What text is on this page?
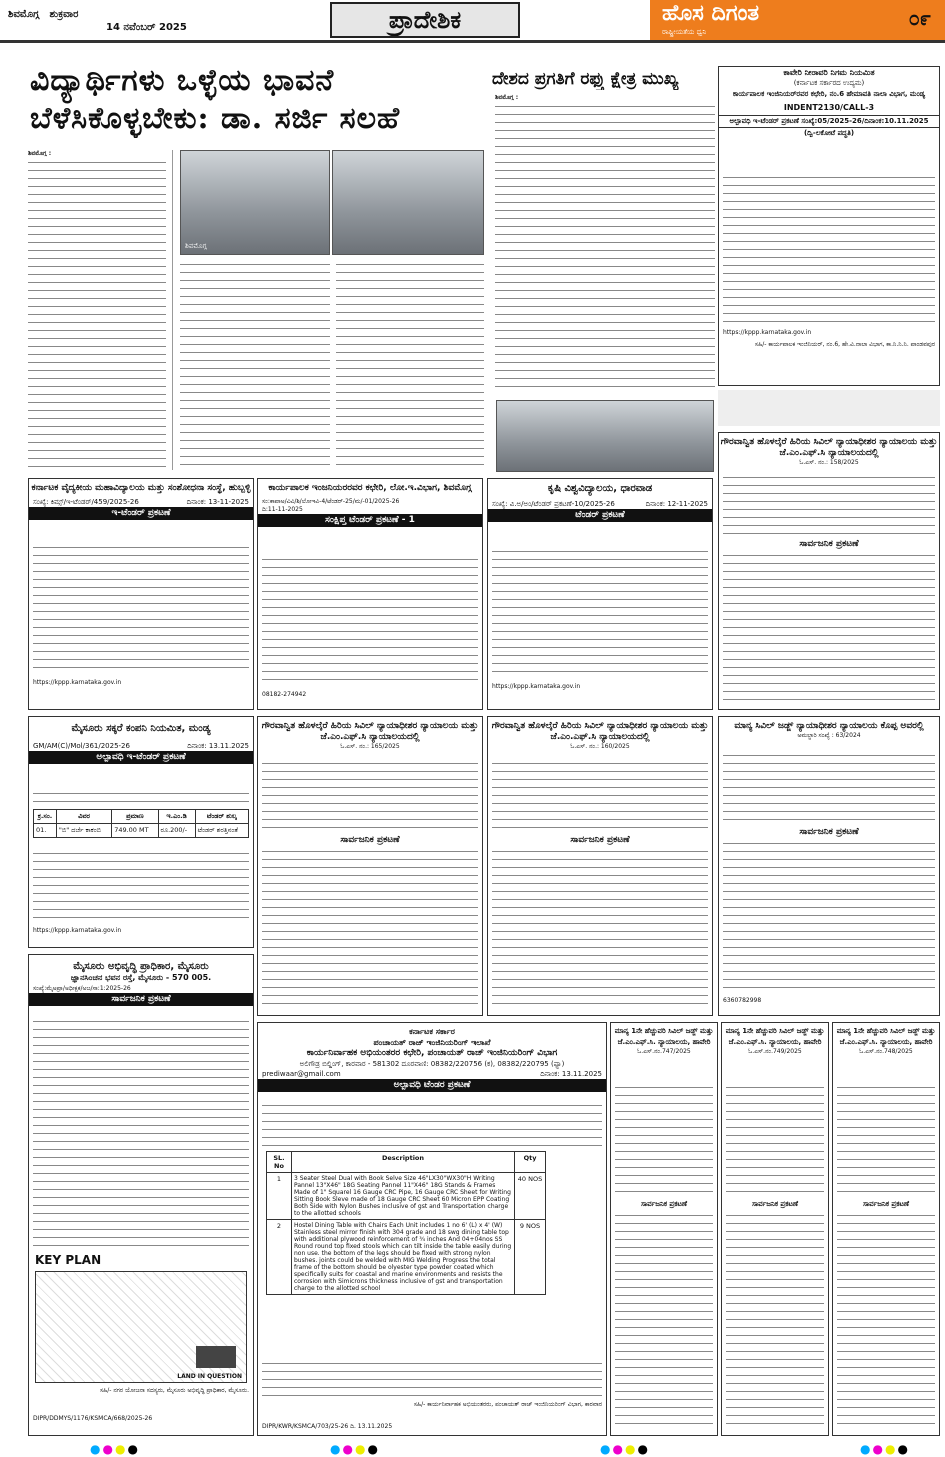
ಶಿವಮೊಗ್ಗ ಶುಕ್ರವಾರ
14 ನವೆಂಬರ್ 2025	ಪ್ರಾದೇಶಿಕ	ಹೊಸ ದಿಗಂತ
ರಾಷ್ಟ್ರೀಯತೆಯ ಧ್ವನಿ
೦೯
ವಿದ್ಯಾರ್ಥಿಗಳು ಒಳ್ಳೆಯ ಭಾವನೆ ಬೆಳೆಸಿಕೊಳ್ಳಬೇಕು: ಡಾ. ಸರ್ಜಿ ಸಲಹೆ
ಶಿವಮೊಗ್ಗ :
ಶಿವಮೊಗ್ಗ
ದೇಶದ ಪ್ರಗತಿಗೆ ರಫ್ತು ಕ್ಷೇತ್ರ ಮುಖ್ಯ
ಶಿವಮೊಗ್ಗ :
ಕಾವೇರಿ ನೀರಾವರಿ ನಿಗಮ ನಿಯಮಿತ
(ಕರ್ನಾಟಕ ಸರ್ಕಾರದ ಉದ್ಯಮ)
ಕಾರ್ಯಪಾಲಕ ಇಂಜಿನಿಯರ್‌ರವರ ಕಛೇರಿ, ನಂ.6 ಹೇಮಾವತಿ ನಾಲಾ ವಿಭಾಗ, ಮಂಡ್ಯ
INDENT2130/CALL-3
ಅಲ್ಪಾವಧಿ ಇ-ಟೆಂಡರ್ ಪ್ರಕಟಣೆ ಸಂಖ್ಯೆ:05/2025-26/ದಿನಾಂಕ:10.11.2025
(ದ್ವಿ-ಲಕೋಟೆ ಪದ್ಧತಿ)
https://kppp.karnataka.gov.in
ಸಹಿ/- ಕಾರ್ಯಪಾಲಕ ಇಂಜಿನಿಯರ್, ನಂ.6, ಹೇ.ವಿ.ನಾಲಾ ವಿಭಾಗ, ಕಾ.ನಿ.ನಿ.ನಿ. ಪಾಂಡವಪುರ
ಕರ್ನಾಟಕ ವೈದ್ಯಕೀಯ ಮಹಾವಿದ್ಯಾಲಯ ಮತ್ತು ಸಂಶೋಧನಾ ಸಂಸ್ಥೆ, ಹುಬ್ಬಳ್ಳಿ
ಸಂಖ್ಯೆ: ಕಿಮ್ಸ್/ಇ-ಟೆಂಡರ್/459/2025-26	ದಿನಾಂಕ: 13-11-2025
ಇ-ಟೆಂಡರ್ ಪ್ರಕಟಣೆ
https://kppp.karnataka.gov.in
ಕಾರ್ಯಪಾಲಕ ಇಂಜನಿಯರರವರ ಕಛೇರಿ, ಲೋ.ಇ.ವಿಭಾಗ, ಶಿವಮೊಗ್ಗ
ಸಂ:ಕಾಪಾಅ/ವಿವಿ/ಶಿ/ಲೋಇವಿ-4/ಟೆಂಡರ್-25/ಮ/-01/2025-26
ದಿ:11-11-2025
ಸಂಕ್ಷಿಪ್ತ ಟೆಂಡರ್ ಪ್ರಕಟಣೆ - 1
08182-274942
ಕೃಷಿ ವಿಶ್ವವಿದ್ಯಾಲಯ, ಧಾರವಾಡ
ಸಂಖ್ಯೆ: ವಿ.ಅ/ಅಂ/ಟೆಂಡರ್ ಪ್ರಕಟಣೆ-10/2025-26	ದಿನಾಂಕ: 12-11-2025
ಟೆಂಡರ್ ಪ್ರಕಟಣೆ
https://kppp.karnataka.gov.in
ಗೌರವಾನ್ವಿತ ಹೊಳಲ್ಕೆರೆ ಹಿರಿಯ ಸಿವಿಲ್ ನ್ಯಾಯಾಧೀಶರ ನ್ಯಾಯಾಲಯ ಮತ್ತು ಜೆ.ಎಂ.ಎಫ್.ಸಿ ನ್ಯಾಯಾಲಯದಲ್ಲಿ
ಓ.ಎಸ್. ನಂ.: 158/2025
ಸಾರ್ವಜನಿಕ ಪ್ರಕಟಣೆ
ಮೈಸೂರು ಸಕ್ಕರೆ ಕಂಪನಿ ನಿಯಮಿತ, ಮಂಡ್ಯ
GM/AM(C)/Mol/361/2025-26	ದಿನಾಂಕ: 13.11.2025
ಅಲ್ಪಾವಧಿ ಇ-ಟೆಂಡರ್ ಪ್ರಕಟಣೆ
ಕ್ರ.ಸಂ.	ವಿವರ	ಪ್ರಮಾಣ	ಇ.ಎಂ.ಡಿ	ಟೆಂಡರ್ ಶುಲ್ಕ
01.	"ಬಿ" ದರ್ಜೆ ಕಾಕಂಬಿ	749.00 MT	ರೂ.200/-	ಟೆಂಡರ್ ಶರತ್ತಿನಂತೆ
https://kppp.karnataka.gov.in
ಗೌರವಾನ್ವಿತ ಹೊಳಲ್ಕೆರೆ ಹಿರಿಯ ಸಿವಿಲ್ ನ್ಯಾಯಾಧೀಶರ ನ್ಯಾಯಾಲಯ ಮತ್ತು ಜೆ.ಎಂ.ಎಫ್.ಸಿ ನ್ಯಾಯಾಲಯದಲ್ಲಿ
ಓ.ಎಸ್. ನಂ.: 165/2025
ಸಾರ್ವಜನಿಕ ಪ್ರಕಟಣೆ
ಗೌರವಾನ್ವಿತ ಹೊಳಲ್ಕೆರೆ ಹಿರಿಯ ಸಿವಿಲ್ ನ್ಯಾಯಾಧೀಶರ ನ್ಯಾಯಾಲಯ ಮತ್ತು ಜೆ.ಎಂ.ಎಫ್.ಸಿ ನ್ಯಾಯಾಲಯದಲ್ಲಿ
ಓ.ಎಸ್. ನಂ.: 160/2025
ಸಾರ್ವಜನಿಕ ಪ್ರಕಟಣೆ
ಮಾನ್ಯ ಸಿವಿಲ್ ಜಡ್ಜ್ ನ್ಯಾಯಾಧೀಶರ ನ್ಯಾಯಾಲಯ ಕೊಪ್ಪ ಅವರಲ್ಲಿ
ಅಮಲ್ಜಾರಿ ಸಂಖ್ಯೆ : 63/2024
ಸಾರ್ವಜನಿಕ ಪ್ರಕಟಣೆ
6360782998
ಮೈಸೂರು ಅಭಿವೃದ್ಧಿ ಪ್ರಾಧಿಕಾರ, ಮೈಸೂರು
ಜ್ಞಾನಸಿಂಚನ ಭವನ ರಸ್ತೆ, ಮೈಸೂರು - 570 005.
ಸಂಖ್ಯೆ:ಮೈಅಪ್ರಾ/ಅಧೀಕ್ಷಕ/ಅಜ/ಸಾ:1:2025-26
ಸಾರ್ವಜನಿಕ ಪ್ರಕಟಣೆ
KEY PLAN
LAND IN QUESTION
ಸಹಿ/- ನಗರ ಯೋಜನಾ ಸದಸ್ಯರು, ಮೈಸೂರು ಅಭಿವೃದ್ಧಿ ಪ್ರಾಧಿಕಾರ, ಮೈಸೂರು.
DIPR/DDMYS/1176/KSMCA/668/2025-26
ಕರ್ನಾಟಕ ಸರ್ಕಾರ
ಪಂಚಾಯತ್ ರಾಜ್ ಇಂಜಿನಿಯರಿಂಗ್ ಇಲಾಖೆ
ಕಾರ್ಯನಿರ್ವಾಹಕ ಅಭಿಯಂತರರ ಕಛೇರಿ, ಪಂಚಾಯತ್ ರಾಜ್ ಇಂಜಿನಿಯರಿಂಗ್ ವಿಭಾಗ
ಅಲಿಗೌಡ್ರ ಬಿಲ್ಡಿಂಗ್, ಕಾರವಾರ - 581302 ದೂರವಾಣಿ: 08382/220756 (ಕ), 08382/220795 (ಫ್ಯಾ)
prediwaar@gmail.com	ದಿನಾಂಕ: 13.11.2025
ಅಲ್ಪಾವಧಿ ಟೆಂಡರ ಪ್ರಕಟಣೆ
SL. No	Description	Qty
1	3 Seater Steel Dual with Book Selve Size 46"LX30"WX30"H Writing Pannel 13"X46" 18G Seating Pannel 11"X46" 18G Stands & Frames Made of 1" Squarel 16 Gauge CRC Pipe, 16 Gauge CRC Sheet for Writing Sitting Book Sleve made of 18 Gauge CRC Sheet 60 Micron EPP Coating Both Side with Nylon Bushes inclusive of gst and Transportation charge to the allotted schools	40 NOS
2	Hostel Dining Table with Chairs Each Unit includes 1 no 6' (L) x 4' (W) Stainless steel mirror finish with 304 grade and 18 swg dining table top with additional plywood reinforcement of ¾ inches And 04+04nos SS Round round top fixed stools which can tilt inside the table easily during non use. the bottom of the legs should be fixed with strong nylon bushes. joints could be welded with MIG Welding Progress the total frame of the bottom should be olyester type powder coated which specifically suits for coastal and marine environments and resists the corrosion with Simicrons thickness inclusive of gst and transportation charge to the allotted school	9 NOS
ಸಹಿ/- ಕಾರ್ಯನಿರ್ವಾಹಕ ಅಭಿಯಂತರರು, ಪಂಚಾಯತ್ ರಾಜ್ ಇಂಜಿನಿಯರಿಂಗ್ ವಿಭಾಗ, ಕಾರವಾರ
DIPR/KWR/KSMCA/703/25-26 ದಿ. 13.11.2025
ಮಾನ್ಯ 1ನೇ ಹೆಚ್ಚುವರಿ ಸಿವಿಲ್ ಜಡ್ಜ್ ಮತ್ತು ಜೆ.ಎಂ.ಎಫ್.ಸಿ. ನ್ಯಾಯಾಲಯ, ಹಾವೇರಿ
ಓ.ಎಸ್.ನಂ.747/2025
ಸಾರ್ವಜನಿಕ ಪ್ರಕಟಣೆ
ಮಾನ್ಯ 1ನೇ ಹೆಚ್ಚುವರಿ ಸಿವಿಲ್ ಜಡ್ಜ್ ಮತ್ತು ಜೆ.ಎಂ.ಎಫ್.ಸಿ. ನ್ಯಾಯಾಲಯ, ಹಾವೇರಿ
ಓ.ಎಸ್.ನಂ.749/2025
ಸಾರ್ವಜನಿಕ ಪ್ರಕಟಣೆ
ಮಾನ್ಯ 1ನೇ ಹೆಚ್ಚುವರಿ ಸಿವಿಲ್ ಜಡ್ಜ್ ಮತ್ತು ಜೆ.ಎಂ.ಎಫ್.ಸಿ. ನ್ಯಾಯಾಲಯ, ಹಾವೇರಿ
ಓ.ಎಸ್.ನಂ.748/2025
ಸಾರ್ವಜನಿಕ ಪ್ರಕಟಣೆ
●●●●	●●●●	●●●●	●●●●
